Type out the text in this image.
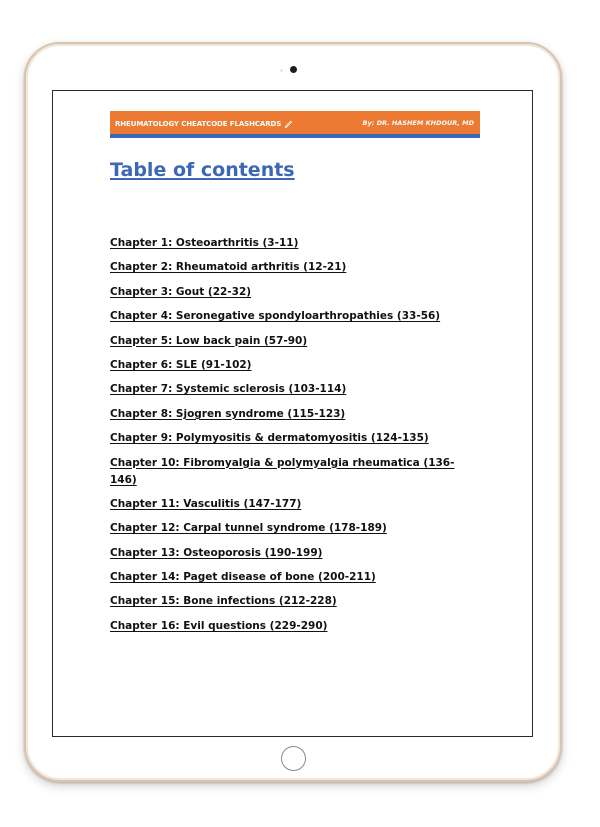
RHEUMATOLOGY CHEATCODE FLASHCARDS	By: DR. HASHEM KHDOUR, MD
Table of contents
Chapter 1: Osteoarthritis (3-11)
Chapter 2: Rheumatoid arthritis (12-21)
Chapter 3: Gout (22-32)
Chapter 4: Seronegative spondyloarthropathies (33-56)
Chapter 5: Low back pain (57-90)
Chapter 6: SLE (91-102)
Chapter 7: Systemic sclerosis (103-114)
Chapter 8: Sjogren syndrome (115-123)
Chapter 9: Polymyositis & dermatomyositis (124-135)
Chapter 10: Fibromyalgia & polymyalgia rheumatica (136-146)
Chapter 11: Vasculitis (147-177)
Chapter 12: Carpal tunnel syndrome (178-189)
Chapter 13: Osteoporosis (190-199)
Chapter 14: Paget disease of bone (200-211)
Chapter 15: Bone infections (212-228)
Chapter 16: Evil questions (229-290)
